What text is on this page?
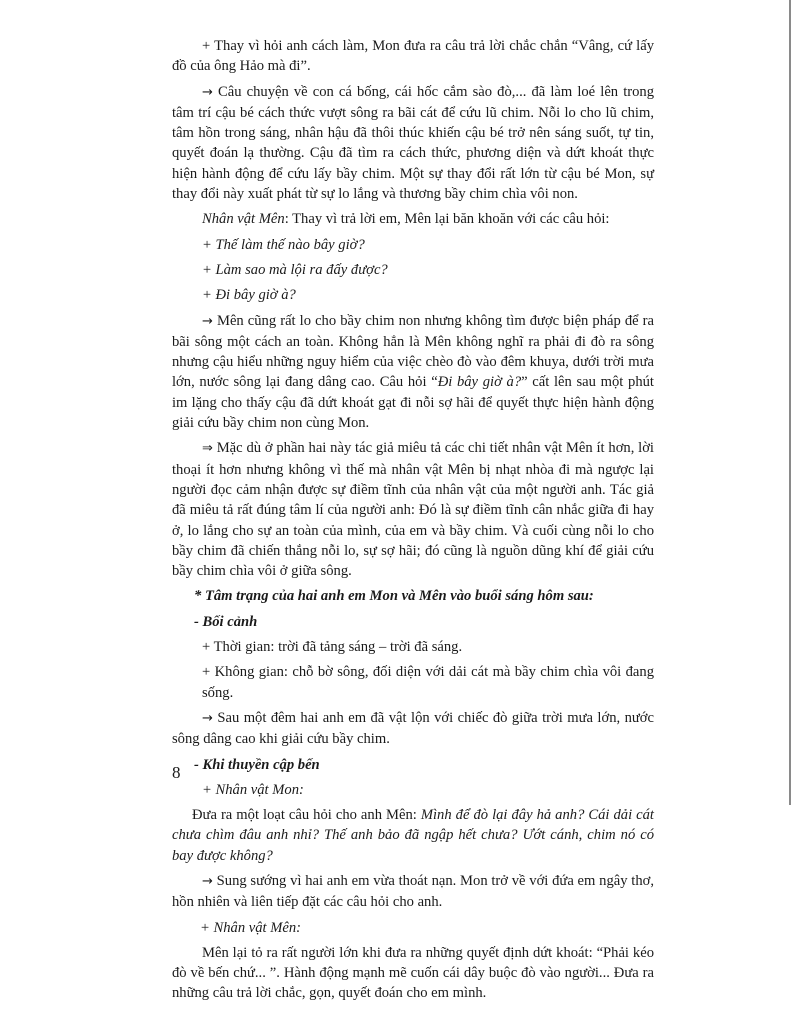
+ Thay vì hỏi anh cách làm, Mon đưa ra câu trả lời chắc chắn “Vâng, cứ lấy đồ của ông Hảo mà đi”.

→ Câu chuyện về con cá bống, cái hốc cắm sào đò,... đã làm loé lên trong tâm trí cậu bé cách thức vượt sông ra bãi cát để cứu lũ chim. Nỗi lo cho lũ chim, tâm hồn trong sáng, nhân hậu đã thôi thúc khiến cậu bé trở nên sáng suốt, tự tin, quyết đoán lạ thường. Cậu đã tìm ra cách thức, phương diện và dứt khoát thực hiện hành động để cứu lấy bầy chim. Một sự thay đổi rất lớn từ cậu bé Mon, sự thay đổi này xuất phát từ sự lo lắng và thương bầy chim chìa vôi non.

Nhân vật Mên: Thay vì trả lời em, Mên lại băn khoăn với các câu hỏi:

+ Thế làm thế nào bây giờ?

+ Làm sao mà lội ra đấy được?

+ Đi bây giờ à?

→ Mên cũng rất lo cho bầy chim non nhưng không tìm được biện pháp để ra bãi sông một cách an toàn. Không hẳn là Mên không nghĩ ra phải đi đò ra sông nhưng cậu hiểu những nguy hiểm của việc chèo đò vào đêm khuya, dưới trời mưa lớn, nước sông lại đang dâng cao. Câu hỏi “Đi bây giờ à?” cất lên sau một phút im lặng cho thấy cậu đã dứt khoát gạt đi nỗi sợ hãi để quyết thực hiện hành động giải cứu bầy chim non cùng Mon.

⇒ Mặc dù ở phần hai này tác giả miêu tả các chi tiết nhân vật Mên ít hơn, lời thoại ít hơn nhưng không vì thế mà nhân vật Mên bị nhạt nhòa đi mà ngược lại người đọc cảm nhận được sự điềm tĩnh của nhân vật của một người anh. Tác giả đã miêu tả rất đúng tâm lí của người anh: Đó là sự điềm tĩnh cân nhắc giữa đi hay ở, lo lắng cho sự an toàn của mình, của em và bầy chim. Và cuối cùng nỗi lo cho bầy chim đã chiến thắng nỗi lo, sự sợ hãi; đó cũng là nguồn dũng khí để giải cứu bầy chim chìa vôi ở giữa sông.

* Tâm trạng của hai anh em Mon và Mên vào buổi sáng hôm sau:

- Bối cảnh

+ Thời gian: trời đã tảng sáng – trời đã sáng.

+ Không gian: chỗ bờ sông, đối diện với dải cát mà bầy chim chìa vôi đang sống.

→ Sau một đêm hai anh em đã vật lộn với chiếc đò giữa trời mưa lớn, nước sông dâng cao khi giải cứu bầy chim.

- Khi thuyền cập bến

+ Nhân vật Mon:

Đưa ra một loạt câu hỏi cho anh Mên: Mình để đò lại đây hả anh? Cái dải cát chưa chìm đâu anh nhỉ? Thế anh bảo đã ngập hết chưa? Ướt cánh, chim nó có bay được không?

→ Sung sướng vì hai anh em vừa thoát nạn. Mon trở về với đứa em ngây thơ, hồn nhiên và liên tiếp đặt các câu hỏi cho anh.

+ Nhân vật Mên:

Mên lại tỏ ra rất người lớn khi đưa ra những quyết định dứt khoát: “Phải kéo đò về bến chứ... ”. Hành động mạnh mẽ cuốn cái dây buộc đò vào người... Đưa ra những câu trả lời chắc, gọn, quyết đoán cho em mình.

8
